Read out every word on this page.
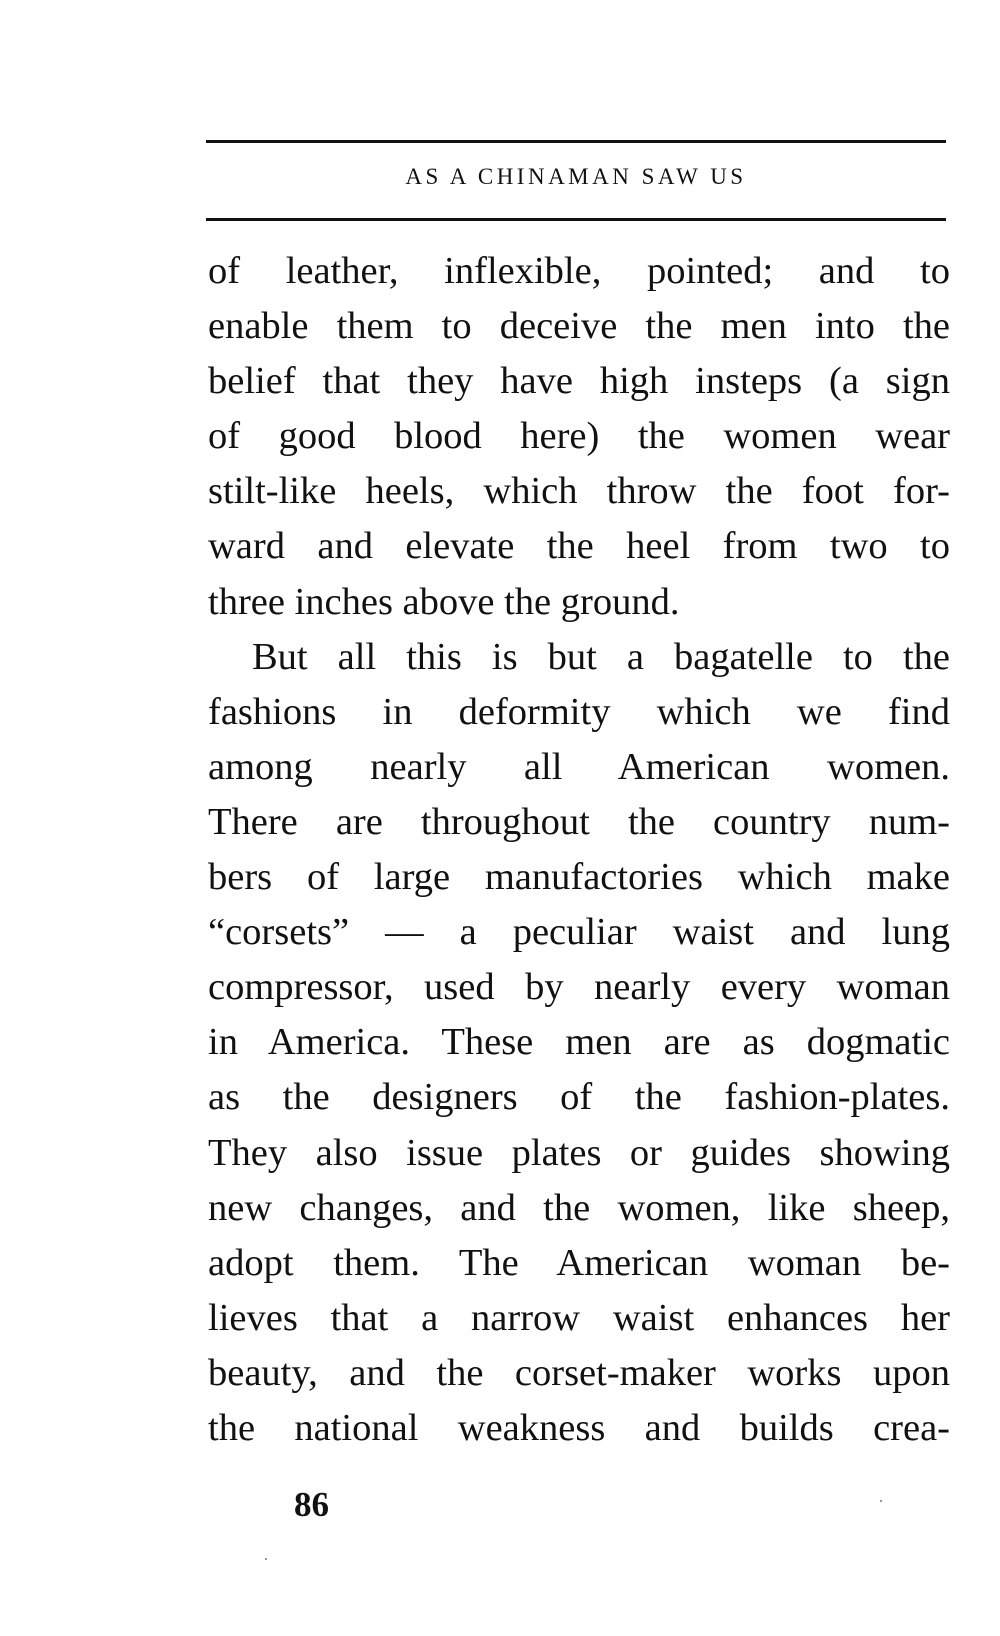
AS A CHINAMAN SAW US
of leather, inflexible, pointed; and to
enable them to deceive the men into the
belief that they have high insteps (a sign
of good blood here) the women wear
stilt-like heels, which throw the foot for-
ward and elevate the heel from two to
three inches above the ground.
But all this is but a bagatelle to the
fashions in deformity which we find
among nearly all American women.
There are throughout the country num-
bers of large manufactories which make
“corsets” — a peculiar waist and lung
compressor, used by nearly every woman
in America. These men are as dogmatic
as the designers of the fashion-plates.
They also issue plates or guides showing
new changes, and the women, like sheep,
adopt them. The American woman be-
lieves that a narrow waist enhances her
beauty, and the corset-maker works upon
the national weakness and builds crea-
86
